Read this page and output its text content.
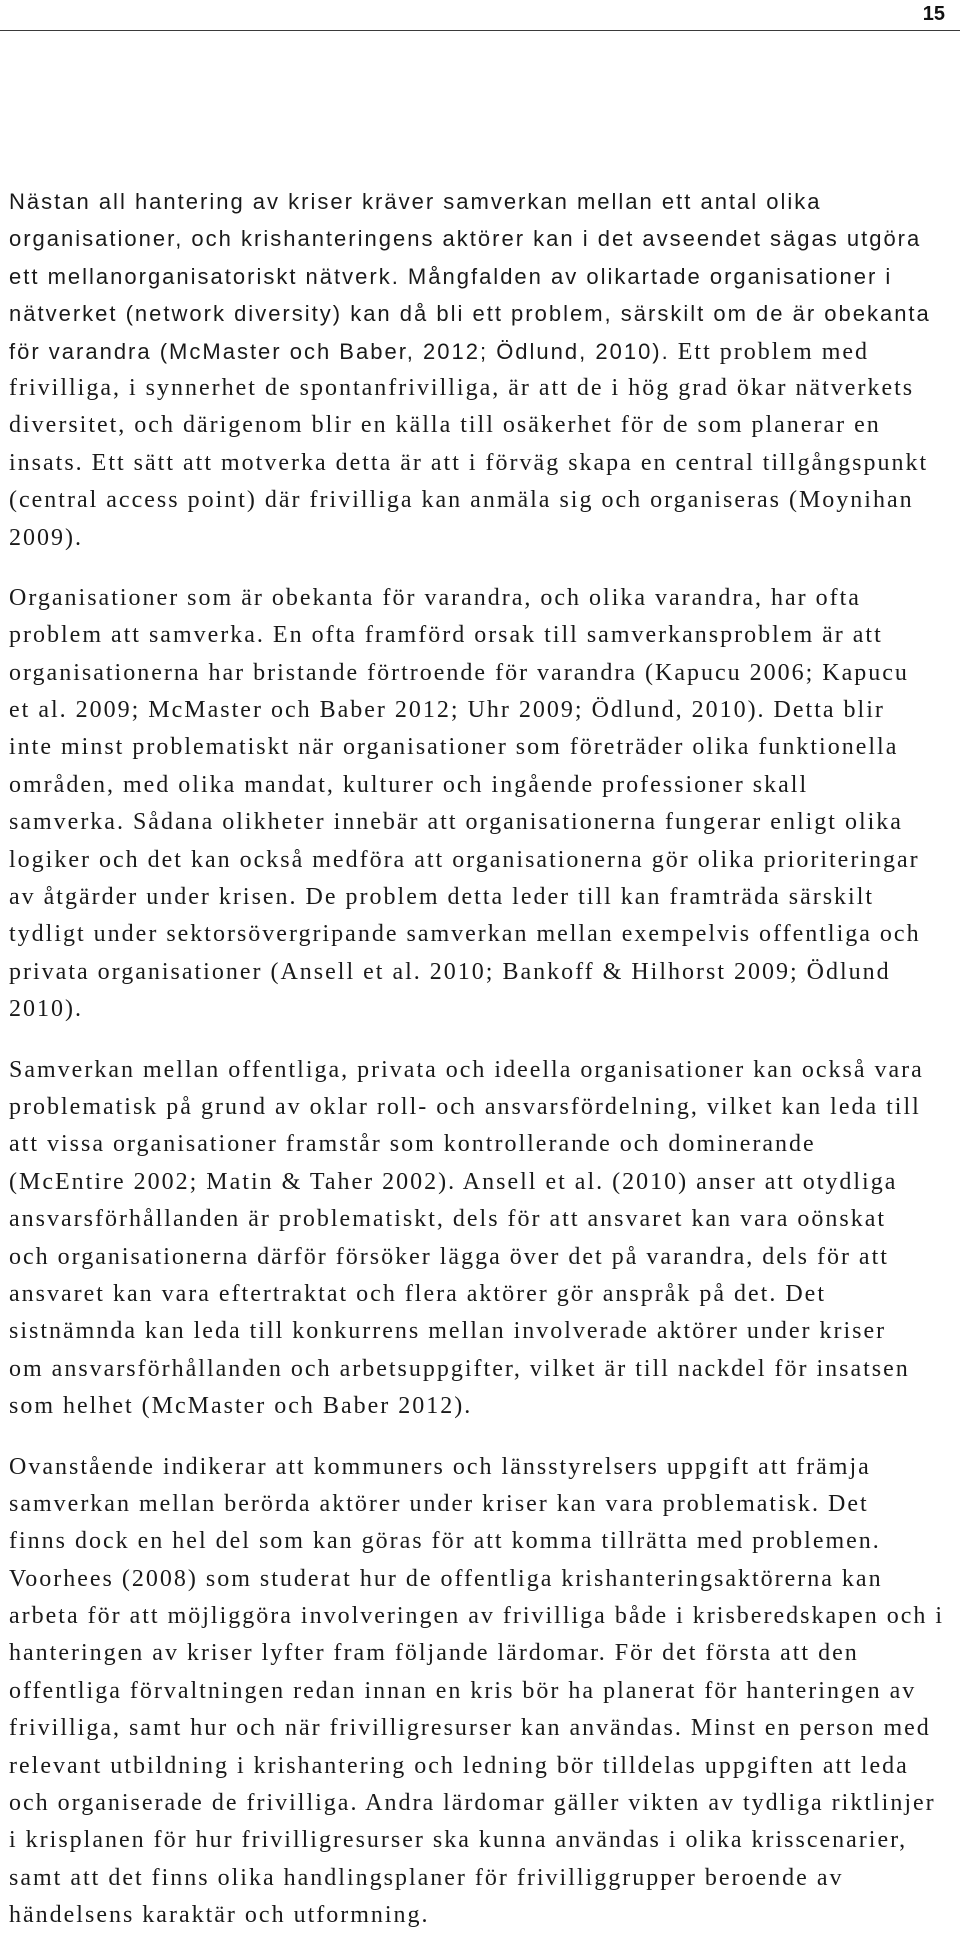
15
Nästan all hantering av kriser kräver samverkan mellan ett antal olika
organisationer, och krishanteringens aktörer kan i det avseendet sägas utgöra
ett mellanorganisatoriskt nätverk. Mångfalden av olikartade organisationer i
nätverket (network diversity) kan då bli ett problem, särskilt om de är obekanta
för varandra (McMaster och Baber, 2012; Ödlund, 2010). Ett problem med
frivilliga, i synnerhet de spontanfrivilliga, är att de i hög grad ökar nätverkets
diversitet, och därigenom blir en källa till osäkerhet för de som planerar en
insats. Ett sätt att motverka detta är att i förväg skapa en central tillgångspunkt
(central access point) där frivilliga kan anmäla sig och organiseras (Moynihan
2009).
Organisationer som är obekanta för varandra, och olika varandra, har ofta
problem att samverka. En ofta framförd orsak till samverkansproblem är att
organisationerna har bristande förtroende för varandra (Kapucu 2006; Kapucu
et al. 2009; McMaster och Baber 2012; Uhr 2009; Ödlund, 2010). Detta blir
inte minst problematiskt när organisationer som företräder olika funktionella
områden, med olika mandat, kulturer och ingående professioner skall
samverka. Sådana olikheter innebär att organisationerna fungerar enligt olika
logiker och det kan också medföra att organisationerna gör olika prioriteringar
av åtgärder under krisen. De problem detta leder till kan framträda särskilt
tydligt under sektorsövergripande samverkan mellan exempelvis offentliga och
privata organisationer (Ansell et al. 2010; Bankoff & Hilhorst 2009; Ödlund
2010).
Samverkan mellan offentliga, privata och ideella organisationer kan också vara
problematisk på grund av oklar roll- och ansvarsfördelning, vilket kan leda till
att vissa organisationer framstår som kontrollerande och dominerande
(McEntire 2002; Matin & Taher 2002). Ansell et al. (2010) anser att otydliga
ansvarsförhållanden är problematiskt, dels för att ansvaret kan vara oönskat
och organisationerna därför försöker lägga över det på varandra, dels för att
ansvaret kan vara eftertraktat och flera aktörer gör anspråk på det. Det
sistnämnda kan leda till konkurrens mellan involverade aktörer under kriser
om ansvarsförhållanden och arbetsuppgifter, vilket är till nackdel för insatsen
som helhet (McMaster och Baber 2012).
Ovanstående indikerar att kommuners och länsstyrelsers uppgift att främja
samverkan mellan berörda aktörer under kriser kan vara problematisk. Det
finns dock en hel del som kan göras för att komma tillrätta med problemen.
Voorhees (2008) som studerat hur de offentliga krishanteringsaktörerna kan
arbeta för att möjliggöra involveringen av frivilliga både i krisberedskapen och i
hanteringen av kriser lyfter fram följande lärdomar. För det första att den
offentliga förvaltningen redan innan en kris bör ha planerat för hanteringen av
frivilliga, samt hur och när frivilligresurser kan användas. Minst en person med
relevant utbildning i krishantering och ledning bör tilldelas uppgiften att leda
och organiserade de frivilliga. Andra lärdomar gäller vikten av tydliga riktlinjer
i krisplanen för hur frivilligresurser ska kunna användas i olika krisscenarier,
samt att det finns olika handlingsplaner för frivilliggrupper beroende av
händelsens karaktär och utformning.
